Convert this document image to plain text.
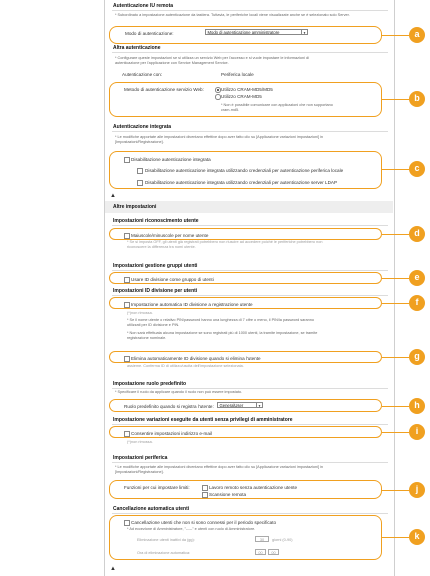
Autenticazione IU remota
* Subordinato a impostazione autenticazione da tastiera. Tuttavia, le periferiche locali viene visualizzate anche se è selezionato solo Server.
Modo di autenticazione:	Modo di autenticazione amministratore	▾	a
Altra autenticazione
* Configurare queste impostazioni se si utilizza un servizio Web per l'accesso e si vuole impostare le informazioni di
autenticazione per l'applicazione con Service Management Service.
Autenticazione con:	Periferica locale
Metodo di autenticazione servizio Web:	Utilizzo CRAM-MD5/MD5
Utilizzo CRAM-MD5
* Non è possibile comunicare con applicazioni che non supportano
cram-md5.
b
Autenticazione integrata
* Le modifiche apportate alle impostazioni diventano effettive dopo aver fatto clic su [Applicazione variazioni impostazioni] in
[Impostazioni/Registrazione].
Disabilitazione autenticazione integrata
Disabilitazione autenticazione integrata utilizzando credenziali per autenticazione periferica locale
Disabilitazione autenticazione integrata utilizzando credenziali per autenticazione server LDAP
c
▲
Altre impostazioni
Impostazioni riconoscimento utente
Maiuscole/minuscole per nome utente
* Se si imposta OFF, gli utenti già registrati potrebbero non riuscire ad accedere poiché le periferiche potrebbero non
riconoscere la differenza tra nomi utente.
d
Impostazioni gestione gruppi utenti
Usare ID divisione come gruppo di utenti	e
Impostazioni ID divisione per utenti
Impostazione automatica ID divisione a registrazione utente
(*)non rimossa.
* Se il nome utente o relativo PIN/password hanno una lunghezza di 7 cifre o meno, il PIN/la password saranno
utilizzati per ID divisione e PIN.
* Non sarà effettuata alcuna impostazione se sono registrati più di 1000 utenti, la tramite impostazione, se tramite
registrazione nominale.
f
Elimina automaticamente ID divisione quando si elimina l'utente
assieme. Conferma ID di utilizzo/uscita dell'impostazione selezionata.
g
Impostazione ruolo predefinito
* Specificare il ruolo da applicare quando il ruolo non può essere impostato.
Ruolo predefinito quando si registra l'utente:	GeneralUser	▾	h
Impostazione variazioni eseguite da utenti senza privilegi di amministratore
Consentire impostazioni indirizzo e-mail
(*)non rimossa.
i
Impostazioni periferica
* Le modifiche apportate alle impostazioni diventano effettive dopo aver fatto clic su [Applicazione variazioni impostazioni] in
[Impostazioni/Registrazione].
Funzioni per cui impostare limiti:	Lavoro remoto senza autenticazione utente
Scansione remota
j
Cancellazione automatica utenti
Cancellazione utenti che non si sono connessi per il periodo specificato
* Ad eccezione di Amministratore, "-----" e utenti con ruolo di Amministratore.
Eliminazione utenti inattivi da (gg):	30	giorni (0-90)
Ora di eliminazione automatica:	00	00
k
▲
